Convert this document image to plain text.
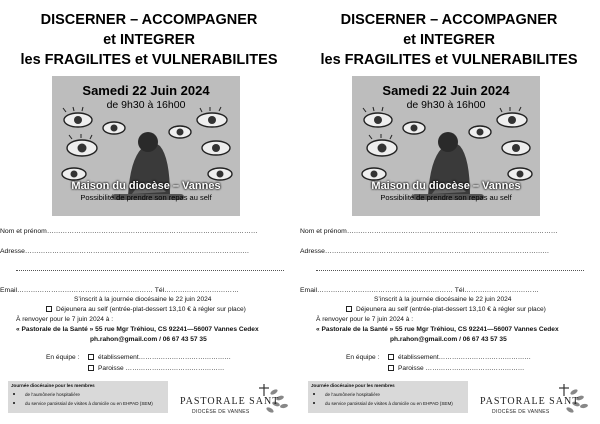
DISCERNER – ACCOMPAGNER
et INTEGRER
les FRAGILITES et VULNERABILITES
Samedi 22 Juin 2024
de 9h30 à 16h00
Maison du diocèse – Vannes
Possibilité de prendre son repas au self
Nom et prénom…………………………………………………………………………………
Adresse………………………………………………………………………………………
Email…………………………………………………… Tél……………………………
S’inscrit à la journée diocésaine le 22 juin 2024
Déjeunera au self (entrée-plat-dessert 13,10 € à régler sur place)
À renvoyer pour le 7 juin 2024 à :
« Pastorale de la Santé » 55 rue Mgr Tréhiou, CS 92241—56007 Vannes Cedex
ph.rahon@gmail.com / 06 67 43 57 35
En équipe :	établissement……………………………………
Paroisse ………………………………………
Journée diocésaine pour les membres
de l’aumônerie hospitalière
du service paroissial de visites à domicile ou en EHPAD (SEM)	PASTORALE SANT
DIOCÈSE DE VANNES
DISCERNER – ACCOMPAGNER
et INTEGRER
les FRAGILITES et VULNERABILITES
Samedi 22 Juin 2024
de 9h30 à 16h00
Maison du diocèse – Vannes
Possibilité de prendre son repas au self
Nom et prénom…………………………………………………………………………………
Adresse………………………………………………………………………………………
Email…………………………………………………… Tél……………………………
S’inscrit à la journée diocésaine le 22 juin 2024
Déjeunera au self (entrée-plat-dessert 13,10 € à régler sur place)
À renvoyer pour le 7 juin 2024 à :
« Pastorale de la Santé » 55 rue Mgr Tréhiou, CS 92241—56007 Vannes Cedex
ph.rahon@gmail.com / 06 67 43 57 35
En équipe :	établissement……………………………………
Paroisse ………………………………………
Journée diocésaine pour les membres
de l’aumônerie hospitalière
du service paroissial de visites à domicile ou en EHPAD (SEM)	PASTORALE SANT
DIOCÈSE DE VANNES
